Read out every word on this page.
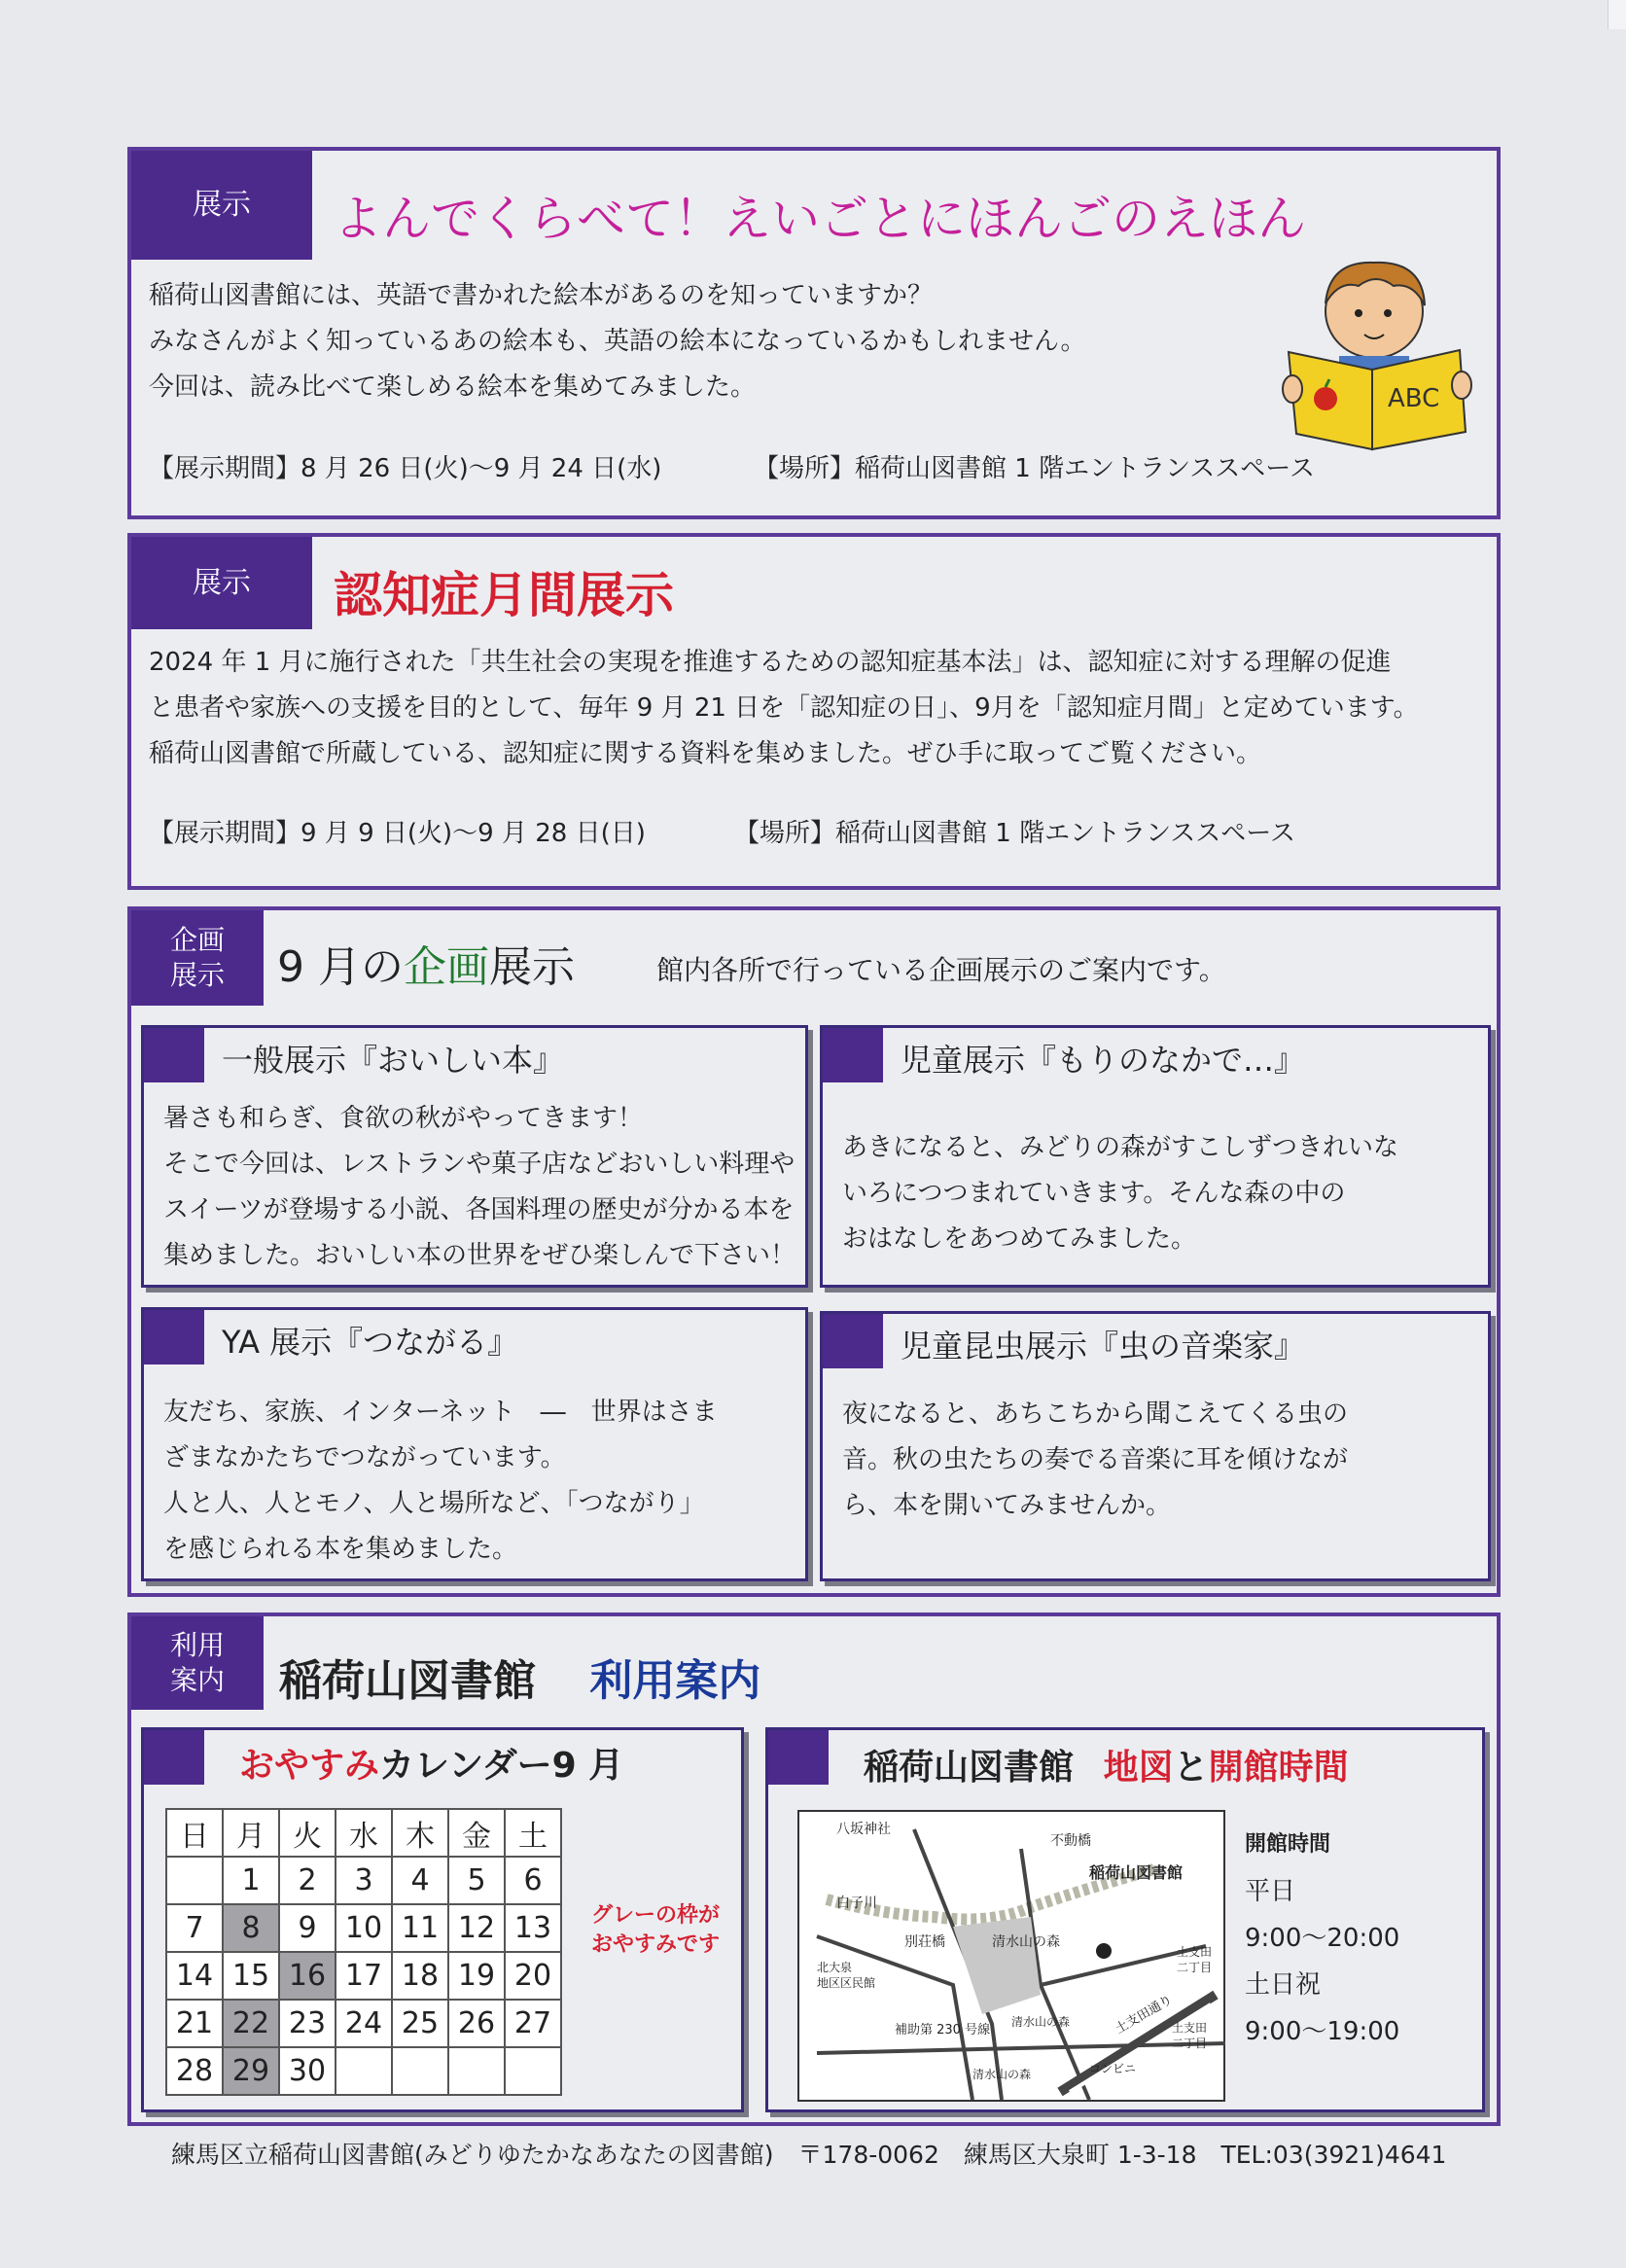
展示 よんでくらべて！えいごとにほんごのえほん
稲荷山図書館には、英語で書かれた絵本があるのを知っていますか？
みなさんがよく知っているあの絵本も、英語の絵本になっているかもしれません。
今回は、読み比べて楽しめる絵本を集めてみました。
【展示期間】8 月 26 日(火)～9 月 24 日(水)	【場所】稲荷山図書館 1 階エントランススペース
ABC
展示 認知症月間展示
2024 年 1 月に施行された「共生社会の実現を推進するための認知症基本法」は、認知症に対する理解の促進
と患者や家族への支援を目的として、毎年 9 月 21 日を「認知症の日」、9月を「認知症月間」と定めています。
稲荷山図書館で所蔵している、認知症に関する資料を集めました。ぜひ手に取ってご覧ください。
【展示期間】9 月 9 日(火)～9 月 28 日(日)	【場所】稲荷山図書館 1 階エントランススペース
企画
展示 9 月の企画展示	館内各所で行っている企画展示のご案内です。
一般展示『おいしい本』
暑さも和らぎ、食欲の秋がやってきます！
そこで今回は、レストランや菓子店などおいしい料理や
スイーツが登場する小説、各国料理の歴史が分かる本を
集めました。おいしい本の世界をぜひ楽しんで下さい！
児童展示『もりのなかで…』
あきになると、みどりの森がすこしずつきれいな
いろにつつまれていきます。そんな森の中の
おはなしをあつめてみました。
YA 展示『つながる』
友だち、家族、インターネット　―　世界はさま
ざまなかたちでつながっています。
人と人、人とモノ、人と場所など、「つながり」
を感じられる本を集めました。
児童昆虫展示『虫の音楽家』
夜になると、あちこちから聞こえてくる虫の
音。秋の虫たちの奏でる音楽に耳を傾けなが
ら、本を開いてみませんか。
利用
案内 稲荷山図書館 利用案内
おやすみカレンダー9 月
日	月	火	水	木	金	土
	1	2	3	4	5	6
7	8	9	10	11	12	13
14	15	16	17	18	19	20
21	22	23	24	25	26	27
28	29	30				
グレーの枠が
おやすみです
稲荷山図書館 地図と開館時間
八坂神社
不動橋
稲荷山図書館
白子川
別荘橋	清水山の森
北大泉
地区区民館
土支田
二丁目
土支田通り
補助第 230 号線
清水山の森
清水山の森	コンビニ
土支田
二丁目
開館時間
平日
9:00～20:00
土日祝
9:00～19:00
練馬区立稲荷山図書館(みどりゆたかなあなたの図書館)　〒178-0062　練馬区大泉町 1-3-18　TEL:03(3921)4641
